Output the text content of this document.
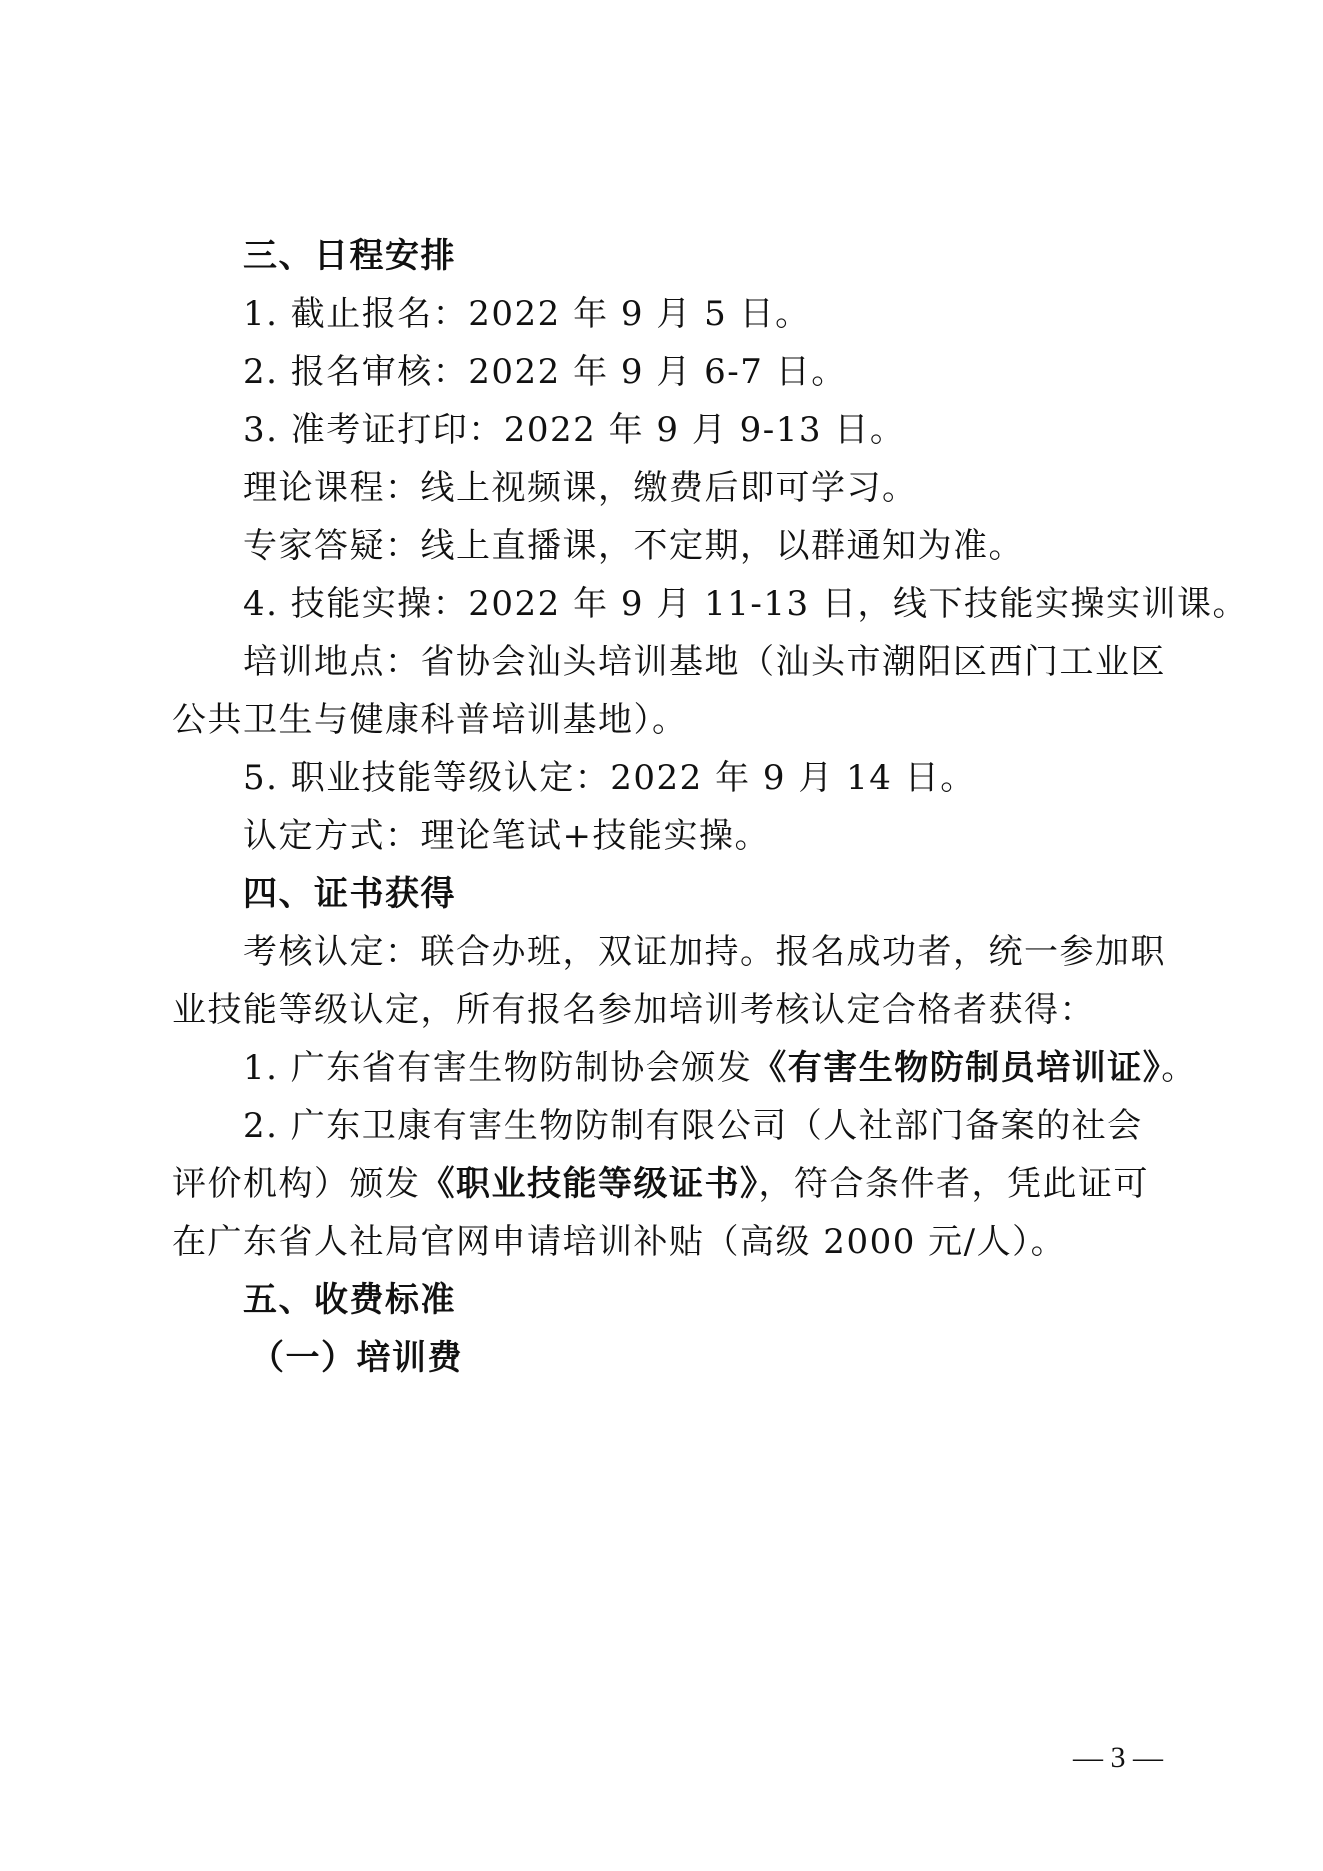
三、日程安排

1. 截止报名：2022 年 9 月 5 日。

2. 报名审核：2022 年 9 月 6-7 日。

3. 准考证打印：2022 年 9 月 9-13 日。

理论课程：线上视频课，缴费后即可学习。

专家答疑：线上直播课，不定期，以群通知为准。

4. 技能实操：2022 年 9 月 11-13 日，线下技能实操实训课。

培训地点：省协会汕头培训基地（汕头市潮阳区西门工业区

公共卫生与健康科普培训基地）。

5. 职业技能等级认定：2022 年 9 月 14 日。

认定方式：理论笔试+技能实操。

四、证书获得

考核认定：联合办班，双证加持。报名成功者，统一参加职

业技能等级认定，所有报名参加培训考核认定合格者获得：

1. 广东省有害生物防制协会颁发《有害生物防制员培训证》。

2. 广东卫康有害生物防制有限公司（人社部门备案的社会

评价机构）颁发《职业技能等级证书》，符合条件者，凭此证可

在广东省人社局官网申请培训补贴（高级 2000 元/人）。

五、收费标准

（一）培训费

— 3 —
